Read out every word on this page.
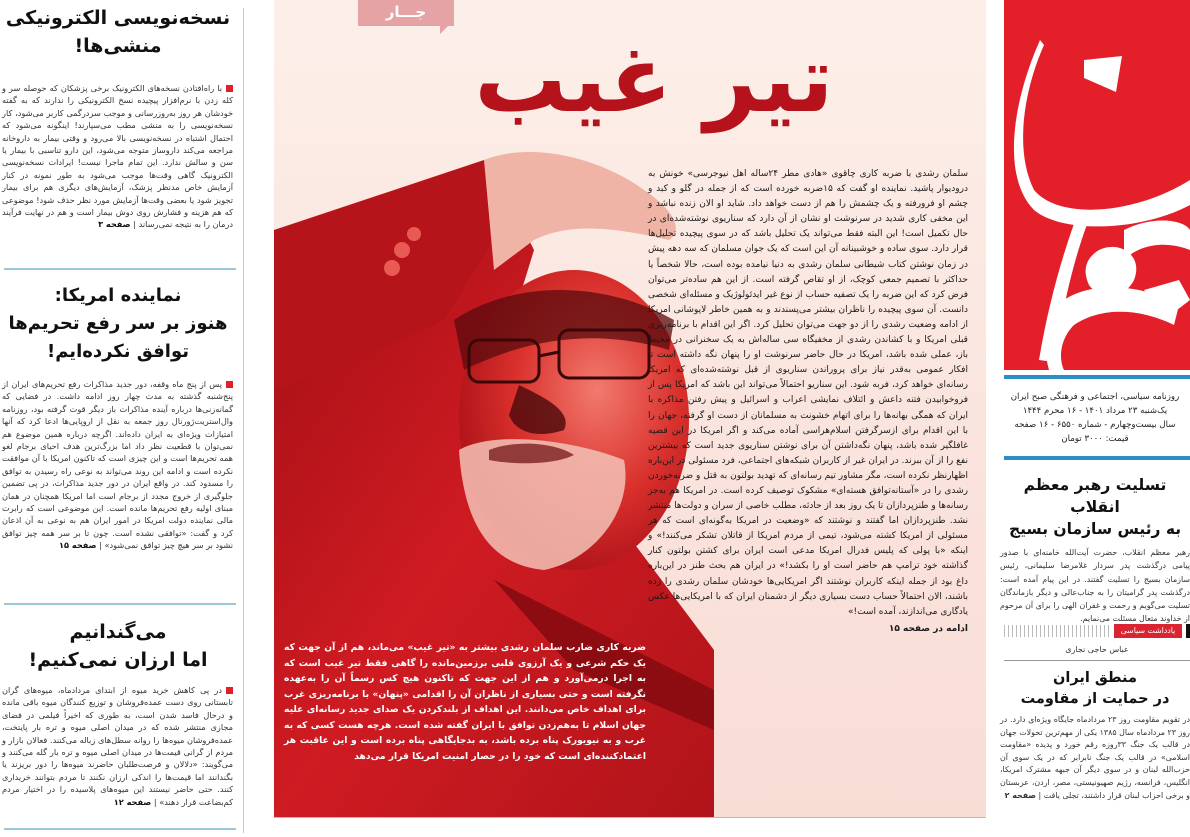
نسخه‌نویسی الکترونیکی
منشی‌ها!

با راه‌افتادن نسخه‌های الکترونیک برخی پزشکان که حوصله سر و کله زدن با نرم‌افزار پیچیده نسخ الکترونیکی را ندارند که به گفته خودشان هر روز به‌روزرسانی و موجب سردرگمی کاربر می‌شود، کار نسخه‌نویسی را به منشی مطب می‌سپارند! اینگونه می‌شود که احتمال اشتباه در نسخه‌نویسی بالا می‌رود و وقتی بیمار به داروخانه مراجعه می‌کند داروساز متوجه می‌شود، این دارو تناسبی با بیمار یا سن و سالش ندارد. این تمام ماجرا نیست! ایرادات نسخه‌نویسی الکترونیک گاهی وقت‌ها موجب می‌شود به طور نمونه در کنار آزمایش خاص مدنظر پزشک، آزمایش‌های دیگری هم برای بیمار تجویز شود یا بعضی وقت‌ها آزمایش مورد نظر حذف شود! موضوعی که هم هزینه و فشارش روی دوش بیمار است و هم در نهایت فرآیند درمان را به نتیجه نمی‌رساند | صفحه ۳

نماینده امریکا:
هنوز بر سر رفع تحریم‌ها
توافق نکرده‌ایم!

پس از پنج ماه وقفه، دور جدید مذاکرات رفع تحریم‌های ایران از پنج‌شنبه گذشته به مدت چهار روز ادامه داشت. در فضایی که گمانه‌زنی‌ها درباره آینده مذاکرات باز دیگر قوت گرفته بود، روزنامه وال‌استریت‌ژورنال روز جمعه به نقل از اروپایی‌ها ادعا کرد که آنها امتیازات ویژه‌ای به ایران داده‌اند. اگرچه درباره همین موضوع هم نمی‌توان با قطعیت نظر داد اما بزرگ‌ترین هدف احیای برجام لغو همه تحریم‌ها است و این چیزی است که تاکنون امریکا با آن موافقت نکرده است و ادامه این روند می‌تواند به نوعی راه رسیدن به توافق را مسدود کند. در واقع ایران در دور جدید مذاکرات، در پی تضمین جلوگیری از خروج مجدد از برجام است اما امریکا همچنان در همان مبنای اولیه رفع تحریم‌ها مانده است. این موضوعی است که رابرت مالی نماینده دولت امریکا در امور ایران هم به نوعی به آن اذعان کرد و گفت: «توافقی نشده است. چون تا بر سر همه چیز توافق نشود بر سر هیچ چیز توافق نمی‌شود» | صفحه ۱۵

می‌گندانیم
اما ارزان نمی‌کنیم!

در پی کاهش خرید میوه از ابتدای مردادماه، میوه‌های گران تابستانی روی دست عمده‌فروشان و توزیع کنندگان میوه باقی مانده و درحال فاسد شدن است، به طوری که اخیراً فیلمی در فضای مجازی منتشر شده که در میدان اصلی میوه و تره بار پایتخت، عمده‌فروشان میوه‌ها را روانه سطل‌های زباله می‌کنند. فعالان بازار و مردم از گرانی قیمت‌ها در میدان اصلی میوه و تره بار گله می‌کنند و می‌گویند: «دلالان و فرصت‌طلبان حاضرند میوه‌ها را دور بریزند یا بگندانند اما قیمت‌ها را اندکی ارزان نکنند تا مردم بتوانند خریداری کنند. حتی حاضر نیستند این میوه‌های پلاسیده را در اختیار مردم کم‌بضاعت قرار دهند» | صفحه ۱۲

جـــار
تیر غیب
سلمان رشدی با ضربه کاری چاقوی «هادی مطر ۲۴ساله اهل نیوجرسی» خونش به درودیوار پاشید. نماینده او گفت که ۱۵ضربه خورده است که از جمله در گلو و کبد و چشم او فرورفته و یک چشمش را هم از دست خواهد داد. شاید او الان زنده نباشد و این مخفی کاری شدید در سرنوشت او نشان از آن دارد که سناریوی نوشته‌شده‌ای در حال تکمیل است! این البته فقط می‌تواند یک تحلیل باشد که در سوی پیچیده تحلیل‌ها قرار دارد. سوی ساده و خوشبینانه آن این است که یک جوان مسلمان که سه دهه پیش در زمان نوشتن کتاب شیطانی سلمان رشدی به دنیا نیامده بوده است، حالا شخصاً یا حداکثر با تصمیم جمعی کوچک، از او تقاص گرفته است. از این هم ساده‌تر می‌توان فرض کرد که این ضربه را یک تصفیه حساب از نوع غیر ایدئولوژیک و مسئله‌ای شخصی دانست. آن سوی پیچیده را ناظران بیشتر می‌پسندند و به همین خاطر لاپوشانی امریکا از ادامه وضعیت رشدی را از دو جهت می‌توان تحلیل کرد. اگر این اقدام با برنامه‌ریزی قبلی امریکا و با کشاندن رشدی از مخفیگاه سی ساله‌اش به یک سخنرانی در محیط باز، عملی شده باشد، امریکا در حال حاضر سرنوشت او را پنهان نگه داشته است تا افکار عمومی به‌قدر نیاز برای پروراندن سناریوی از قبل نوشته‌شده‌ای که امریکا رسانه‌ای خواهد کرد، فربه شود. این سناریو احتمالاً می‌تواند این باشد که امریکا پس از فروخوابیدن فتنه داعش و ائتلاف نمایشی اعراب و اسرائیل و پیش رفتن مذاکره با ایران که همگی بهانه‌ها را برای اتهام خشونت به مسلمانان از دست او گرفته، جهان را با این اقدام برای ازسرگرفتن اسلام‌هراسی آماده می‌کند و اگر امریکا در این قضیه غافلگیر شده باشد، پنهان نگه‌داشتن آن برای نوشتن سناریوی جدید است که بیشترین نفع را از آن ببرند. در ایران غیر از کاربران شبکه‌های اجتماعی، فرد مسئولی در این‌باره اظهارنظر نکرده است، مگر مشاور تیم رسانه‌ای که تهدید بولتون به قتل و ضربه‌خوردن رشدی را در «آستانه‌توافق هسته‌ای» مشکوک توصیف کرده است. در امریکا هم به‌جز رسانه‌ها و طنزپردازان تا یک روز بعد از حادثه، مطلب خاصی از سران و دولت‌ها منتشر نشد. طنزپردازان اما گفتند و نوشتند که «وضعیت در امریکا به‌گونه‌ای است که هر مسئولی از امریکا کشته می‌شود، تیمی از مردم امریکا از قاتلان تشکر می‌کنند!» و اینکه «با پولی که پلیس فدرال امریکا مدعی است ایران برای کشتن بولتون کنار گذاشته خود ترامپ هم حاضر است او را بکشد!» در ایران هم بحث طنز در این‌باره داغ بود از جمله اینکه کاربران نوشتند اگر امریکایی‌ها خودشان سلمان رشدی را زده باشند، الان احتمالاً حساب دست بسیاری دیگر از دشمنان ایران که با امریکایی‌ها عکس یادگاری می‌اندازند، آمده است!»
ادامه در صفحه ۱۵
ضربه کاری ضارب سلمان رشدی بیشتر به «تیر غیب» می‌ماند، هم از آن جهت که یک حکم شرعی و یک آرزوی قلبی برزمین‌مانده را گاهی فقط تیر غیب است که به اجرا درمی‌آورد و هم از این جهت که تاکنون هیچ کس رسماً آن را به‌عهده نگرفته است و حتی بسیاری از ناظران آن را اقدامی «پنهان» با برنامه‌ریزی غرب برای اهداف خاص می‌دانند. این اهداف از بلندکردن یک صدای جدید رسانه‌ای علیه جهان اسلام تا به‌هم‌زدن توافق با ایران گفته شده است. هرچه هست کسی که به غرب و به نیویورک پناه برده باشد، به بدجایگاهی پناه برده است و این عاقبت هر اعتمادکننده‌ای است که خود را در حصار امنیت امریکا قرار می‌دهد
روزنامه سیاسی، اجتماعی و فرهنگی صبح ایران
یک‌شنبه ۲۳ مرداد ۱۴۰۱ - ۱۶ محرم ۱۴۴۴
سال بیست‌وچهارم - شماره ۶۵۵۰ - ۱۶ صفحه
قیمت: ۳۰۰۰ تومان
تسلیت رهبر معظم انقلاب
به رئیس سازمان بسیج

رهبر معظم انقلاب، حضرت آیت‌الله خامنه‌ای با صدور پیامی درگذشت پدر سردار غلامرضا سلیمانی، رئیس سازمان بسیج را تسلیت گفتند. در این پیام آمده است: درگذشت پدر گرامیتان را به جناب‌عالی و دیگر بازماندگان تسلیت می‌گویم و رحمت و غفران الهی را برای آن مرحوم از خداوند متعال مسئلت می‌نمایم.

یادداشت سیاسی
عباس حاجی نجاری
منطق ایران
در حمایت از مقاومت

در تقویم مقاومت روز ۲۳ مردادماه جایگاه ویژه‌ای دارد. در روز ۲۳ مردادماه سال ۱۳۸۵ یکی از مهم‌ترین تحولات جهان در قالب یک جنگ ۳۳روزه رقم خورد و پدیده «مقاومت اسلامی» در قالب یک جنگ نابرابر که در یک سوی آن حزب‌الله لبنان و در سوی دیگر آن جبهه مشترک امریکا، انگلیس، فرانسه، رژیم صهیونیستی، مصر، اردن، عربستان و برخی احزاب لبنان قرار داشتند، تجلی یافت | صفحه ۲
